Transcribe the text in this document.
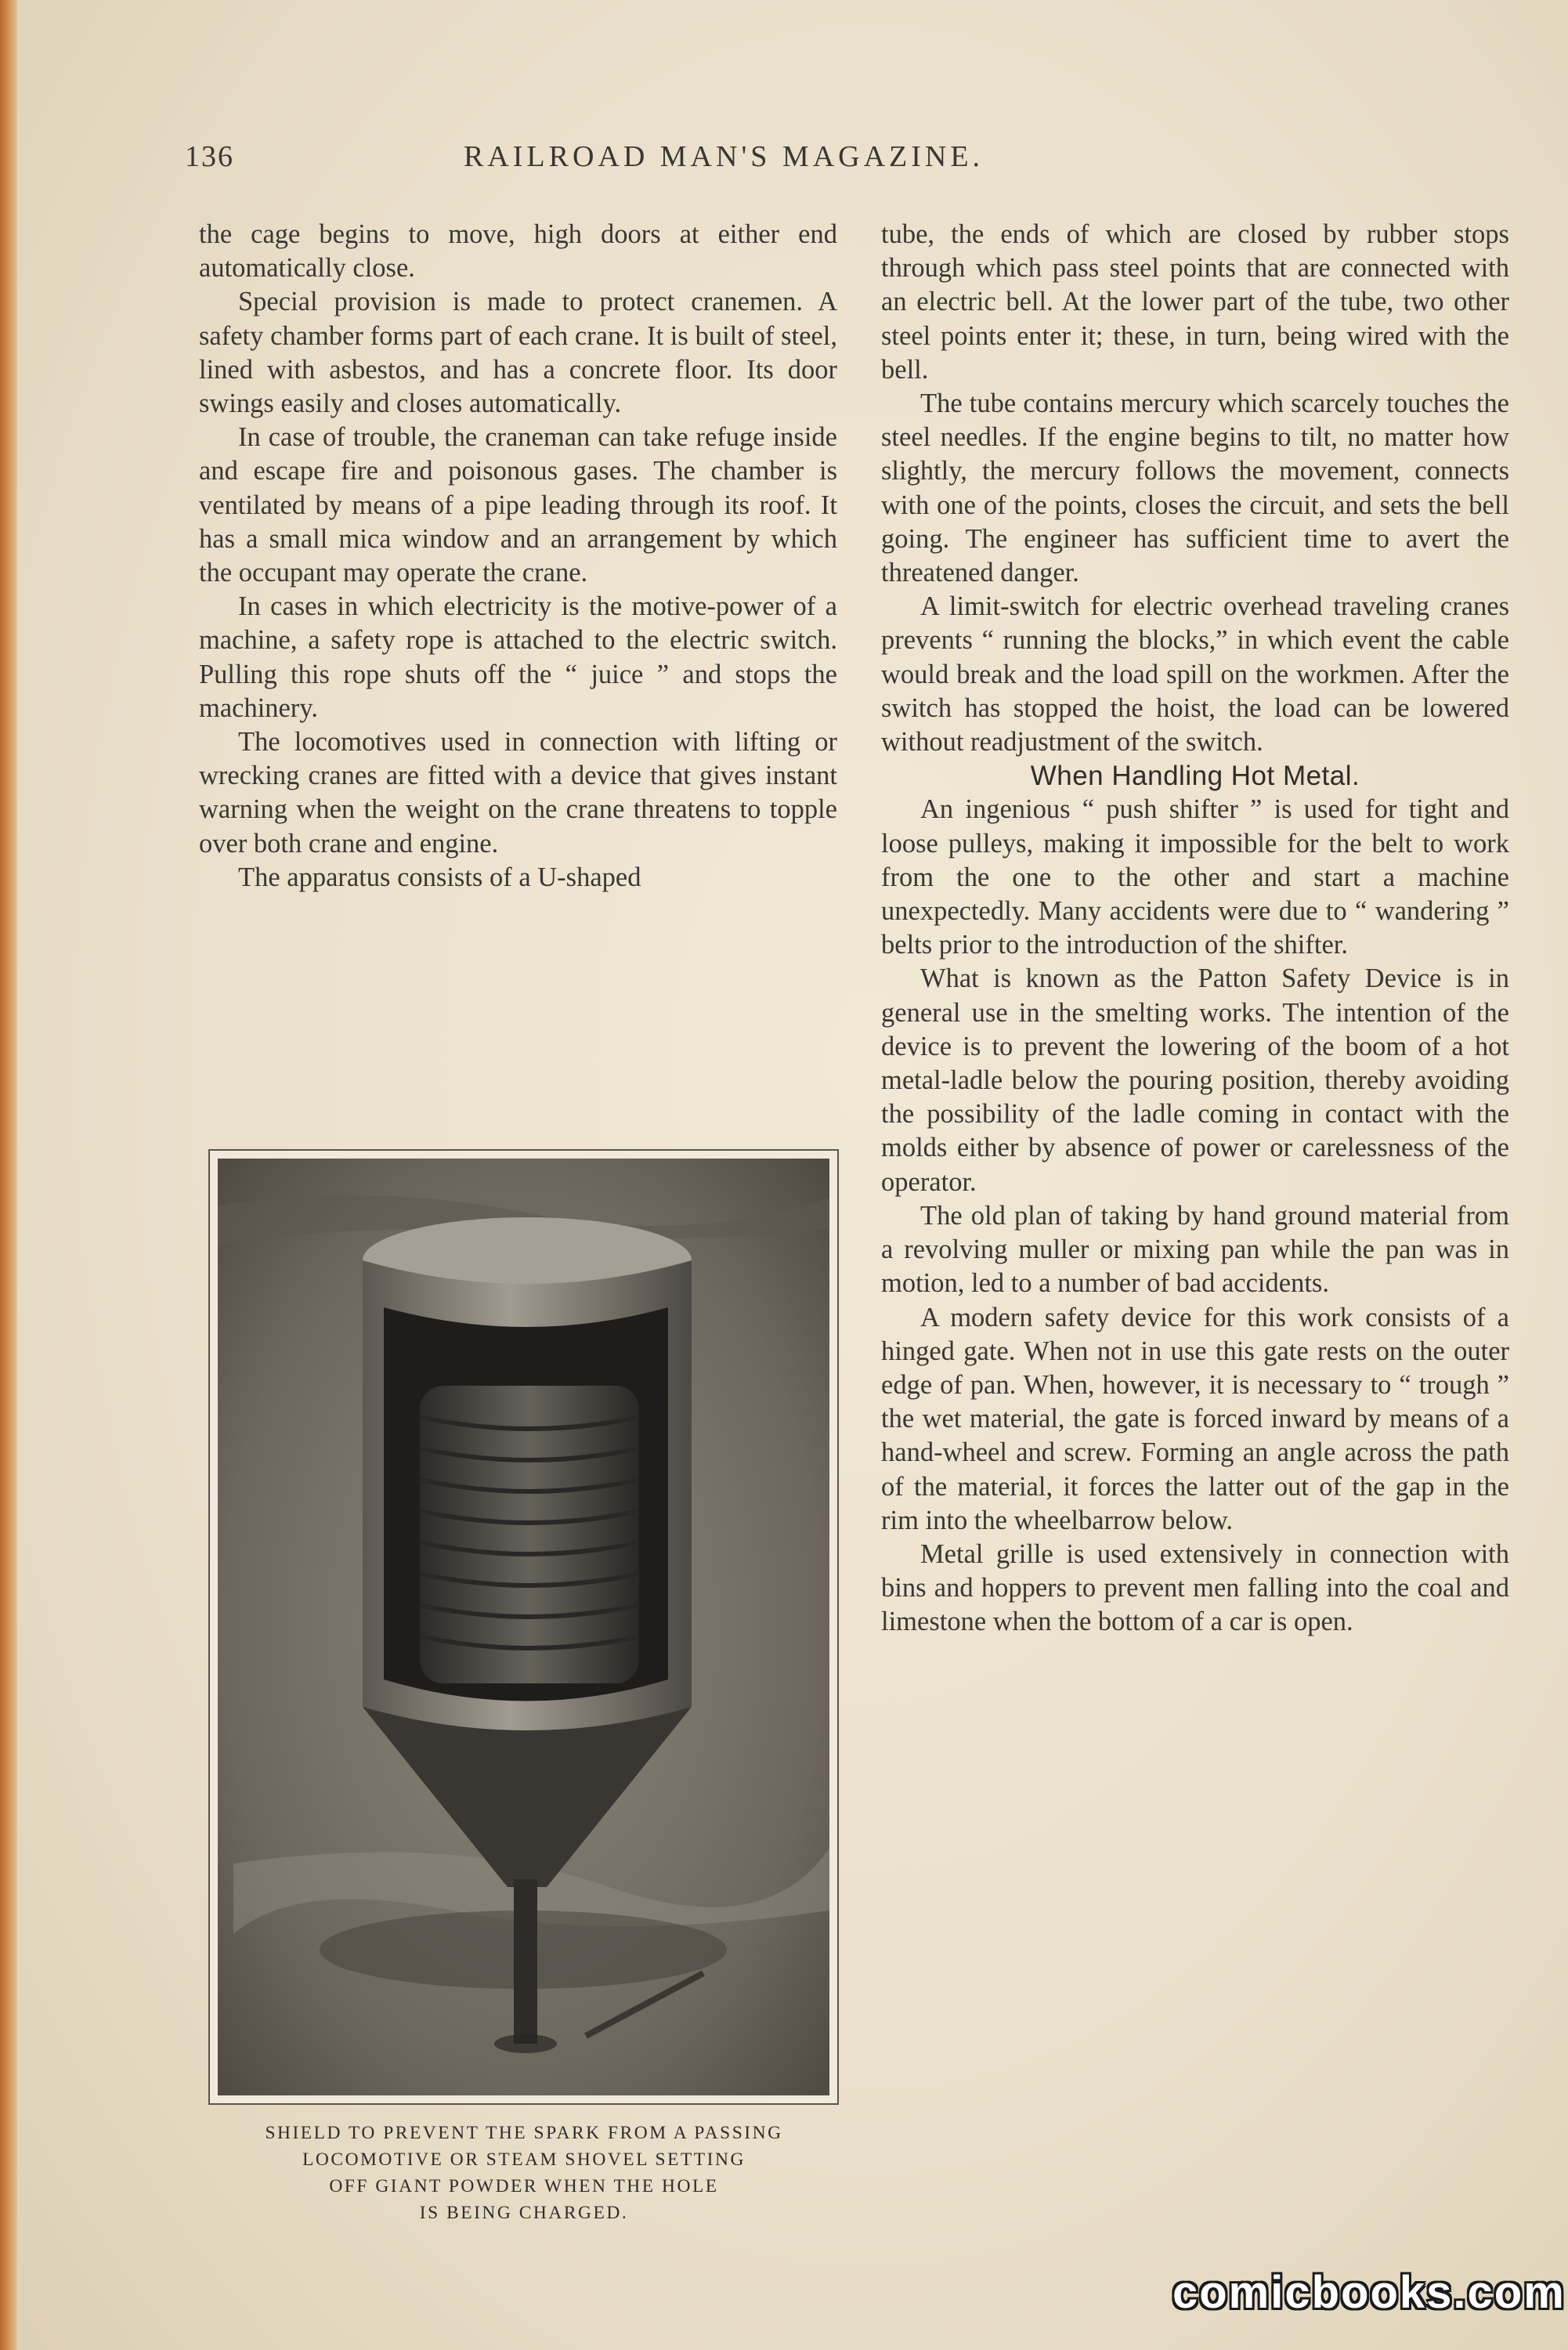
136	RAILROAD MAN'S MAGAZINE.

the cage begins to move, high doors at either end automatically close.

Special provision is made to protect cranemen. A safety chamber forms part of each crane. It is built of steel, lined with asbestos, and has a concrete floor. Its door swings easily and closes automatically.

In case of trouble, the craneman can take refuge inside and escape fire and poisonous gases. The chamber is ventilated by means of a pipe leading through its roof. It has a small mica window and an arrangement by which the occupant may operate the crane.

In cases in which electricity is the motive-power of a machine, a safety rope is attached to the electric switch. Pulling this rope shuts off the “ juice ” and stops the machinery.

The locomotives used in connection with lifting or wrecking cranes are fitted with a device that gives instant warning when the weight on the crane threatens to topple over both crane and engine.

The apparatus consists of a U-shaped

SHIELD TO PREVENT THE SPARK FROM A PASSING
LOCOMOTIVE OR STEAM SHOVEL SETTING
OFF GIANT POWDER WHEN THE HOLE
IS BEING CHARGED.

tube, the ends of which are closed by rubber stops through which pass steel points that are connected with an electric bell. At the lower part of the tube, two other steel points enter it; these, in turn, being wired with the bell.

The tube contains mercury which scarcely touches the steel needles. If the engine begins to tilt, no matter how slightly, the mercury follows the movement, connects with one of the points, closes the circuit, and sets the bell going. The engineer has sufficient time to avert the threatened danger.

A limit-switch for electric overhead traveling cranes prevents “ running the blocks,” in which event the cable would break and the load spill on the workmen. After the switch has stopped the hoist, the load can be lowered without readjustment of the switch.

When Handling Hot Metal.

An ingenious “ push shifter ” is used for tight and loose pulleys, making it impossible for the belt to work from the one to the other and start a machine unexpectedly. Many accidents were due to “ wandering ” belts prior to the introduction of the shifter.

What is known as the Patton Safety Device is in general use in the smelting works. The intention of the device is to prevent the lowering of the boom of a hot metal-ladle below the pouring position, thereby avoiding the possibility of the ladle coming in contact with the molds either by absence of power or carelessness of the operator.

The old plan of taking by hand ground material from a revolving muller or mixing pan while the pan was in motion, led to a number of bad accidents.

A modern safety device for this work consists of a hinged gate. When not in use this gate rests on the outer edge of pan. When, however, it is necessary to “ trough ” the wet material, the gate is forced inward by means of a hand-wheel and screw. Forming an angle across the path of the material, it forces the latter out of the gap in the rim into the wheelbarrow below.

Metal grille is used extensively in connection with bins and hoppers to prevent men falling into the coal and limestone when the bottom of a car is open.

comicbooks.com
